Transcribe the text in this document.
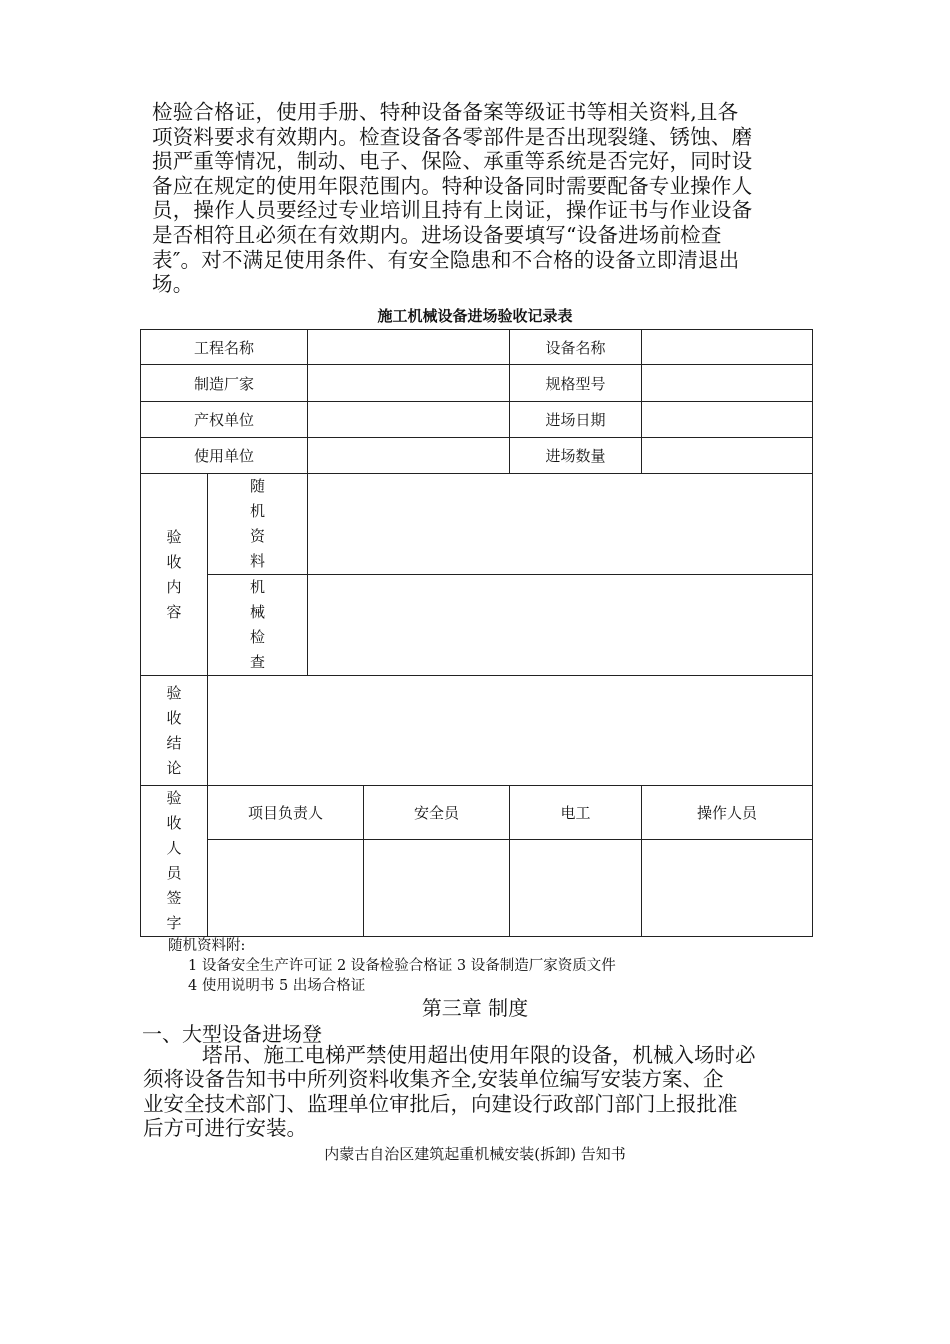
检验合格证，使用手册、特种设备备案等级证书等相关资料,且各
项资料要求有效期内。检查设备各零部件是否出现裂缝、锈蚀、磨
损严重等情况，制动、电子、保险、承重等系统是否完好，同时设
备应在规定的使用年限范围内。特种设备同时需要配备专业操作人
员，操作人员要经过专业培训且持有上岗证，操作证书与作业设备
是否相符且必须在有效期内。进场设备要填写“设备进场前检查
表″。对不满足使用条件、有安全隐患和不合格的设备立即清退出
场。
施工机械设备进场验收记录表
工程名称				设备名称	
制造厂家				规格型号	
产权单位				进场日期	
使用单位				进场数量	
验收内容	随机资料				
	机械检查				
验收结论					
验收人员签字	项目负责人		安全员	电工	操作人员

随机资料附:
1 设备安全生产许可证 2 设备检验合格证 3 设备制造厂家资质文件
4 使用说明书 5 出场合格证
第三章 制度
一、大型设备进场登
塔吊、施工电梯严禁使用超出使用年限的设备，机械入场时必
须将设备告知书中所列资料收集齐全,安装单位编写安装方案、企
业安全技术部门、监理单位审批后，向建设行政部门部门上报批准
后方可进行安装。
内蒙古自治区建筑起重机械安装(拆卸) 告知书
